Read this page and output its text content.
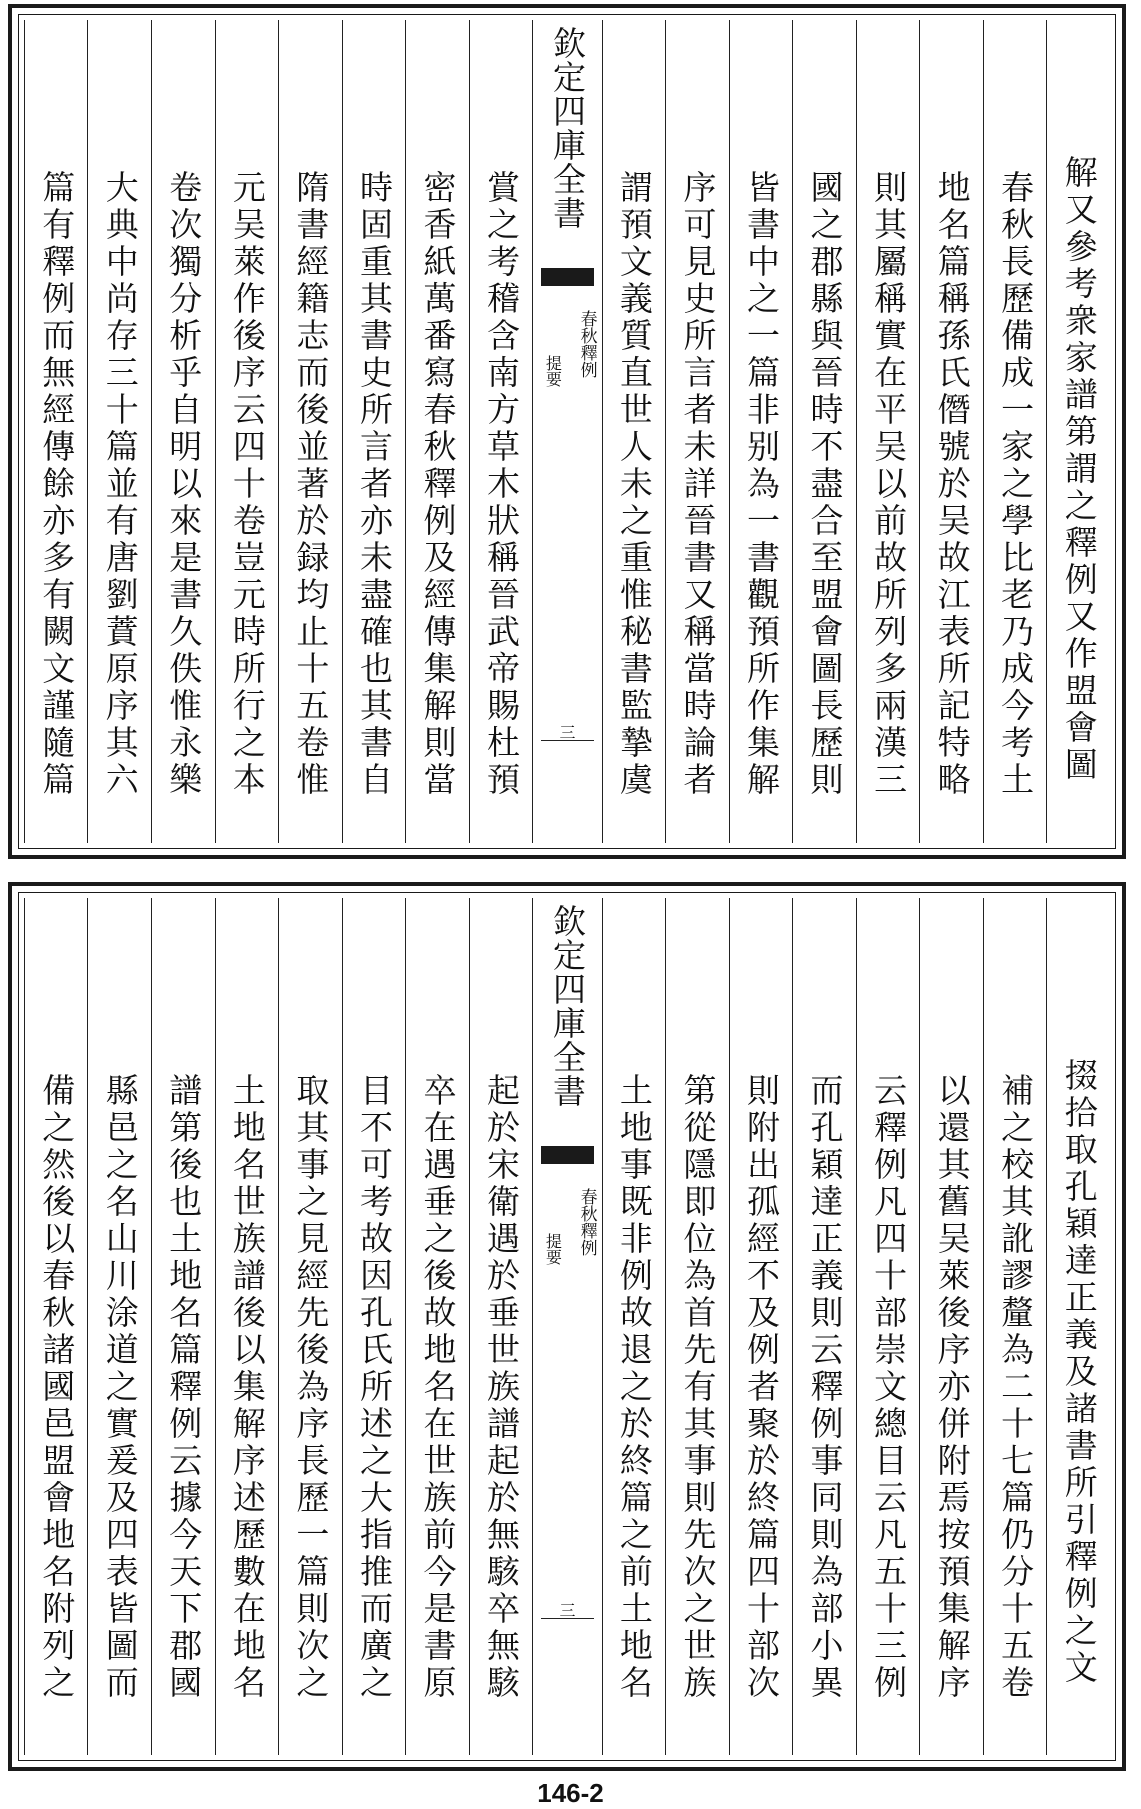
解又參考衆家譜第謂之釋例又作盟會圖
春秋長歷備成一家之學比老乃成今考土
地名篇稱孫氏僭號於吴故江表所記特略
則其屬稱實在平吴以前故所列多兩漢三
國之郡縣與晉時不盡合至盟會圖長歷則
皆書中之一篇非别為一書觀預所作集解
序可見史所言者未詳晉書又稱當時論者
謂預文義質直世人未之重惟秘書監摯虞
欽定四庫全書
春秋釋例
提要
三
賞之考稽含南方草木狀稱晉武帝賜杜預
密香紙萬番寫春秋釋例及經傳集解則當
時固重其書史所言者亦未盡確也其書自
隋書經籍志而後並著於録均止十五卷惟
元吴萊作後序云四十卷豈元時所行之本
卷次獨分析乎自明以來是書久佚惟永樂
大典中尚存三十篇並有唐劉蕡原序其六
篇有釋例而無經傳餘亦多有闕文謹隨篇
掇拾取孔穎達正義及諸書所引釋例之文
補之校其訛謬釐為二十七篇仍分十五卷
以還其舊吴萊後序亦併附焉按預集解序
云釋例凡四十部崇文總目云凡五十三例
而孔穎達正義則云釋例事同則為部小異
則附出孤經不及例者聚於終篇四十部次
第從隱即位為首先有其事則先次之世族
土地事既非例故退之於終篇之前土地名
欽定四庫全書
春秋釋例
提要
三
起於宋衛遇於垂世族譜起於無駭卒無駭
卒在遇垂之後故地名在世族前今是書原
目不可考故因孔氏所述之大指推而廣之
取其事之見經先後為序長歷一篇則次之
土地名世族譜後以集解序述歷數在地名
譜第後也土地名篇釋例云據今天下郡國
縣邑之名山川涂道之實爰及四表皆圖而
備之然後以春秋諸國邑盟會地名附列之
146-2
